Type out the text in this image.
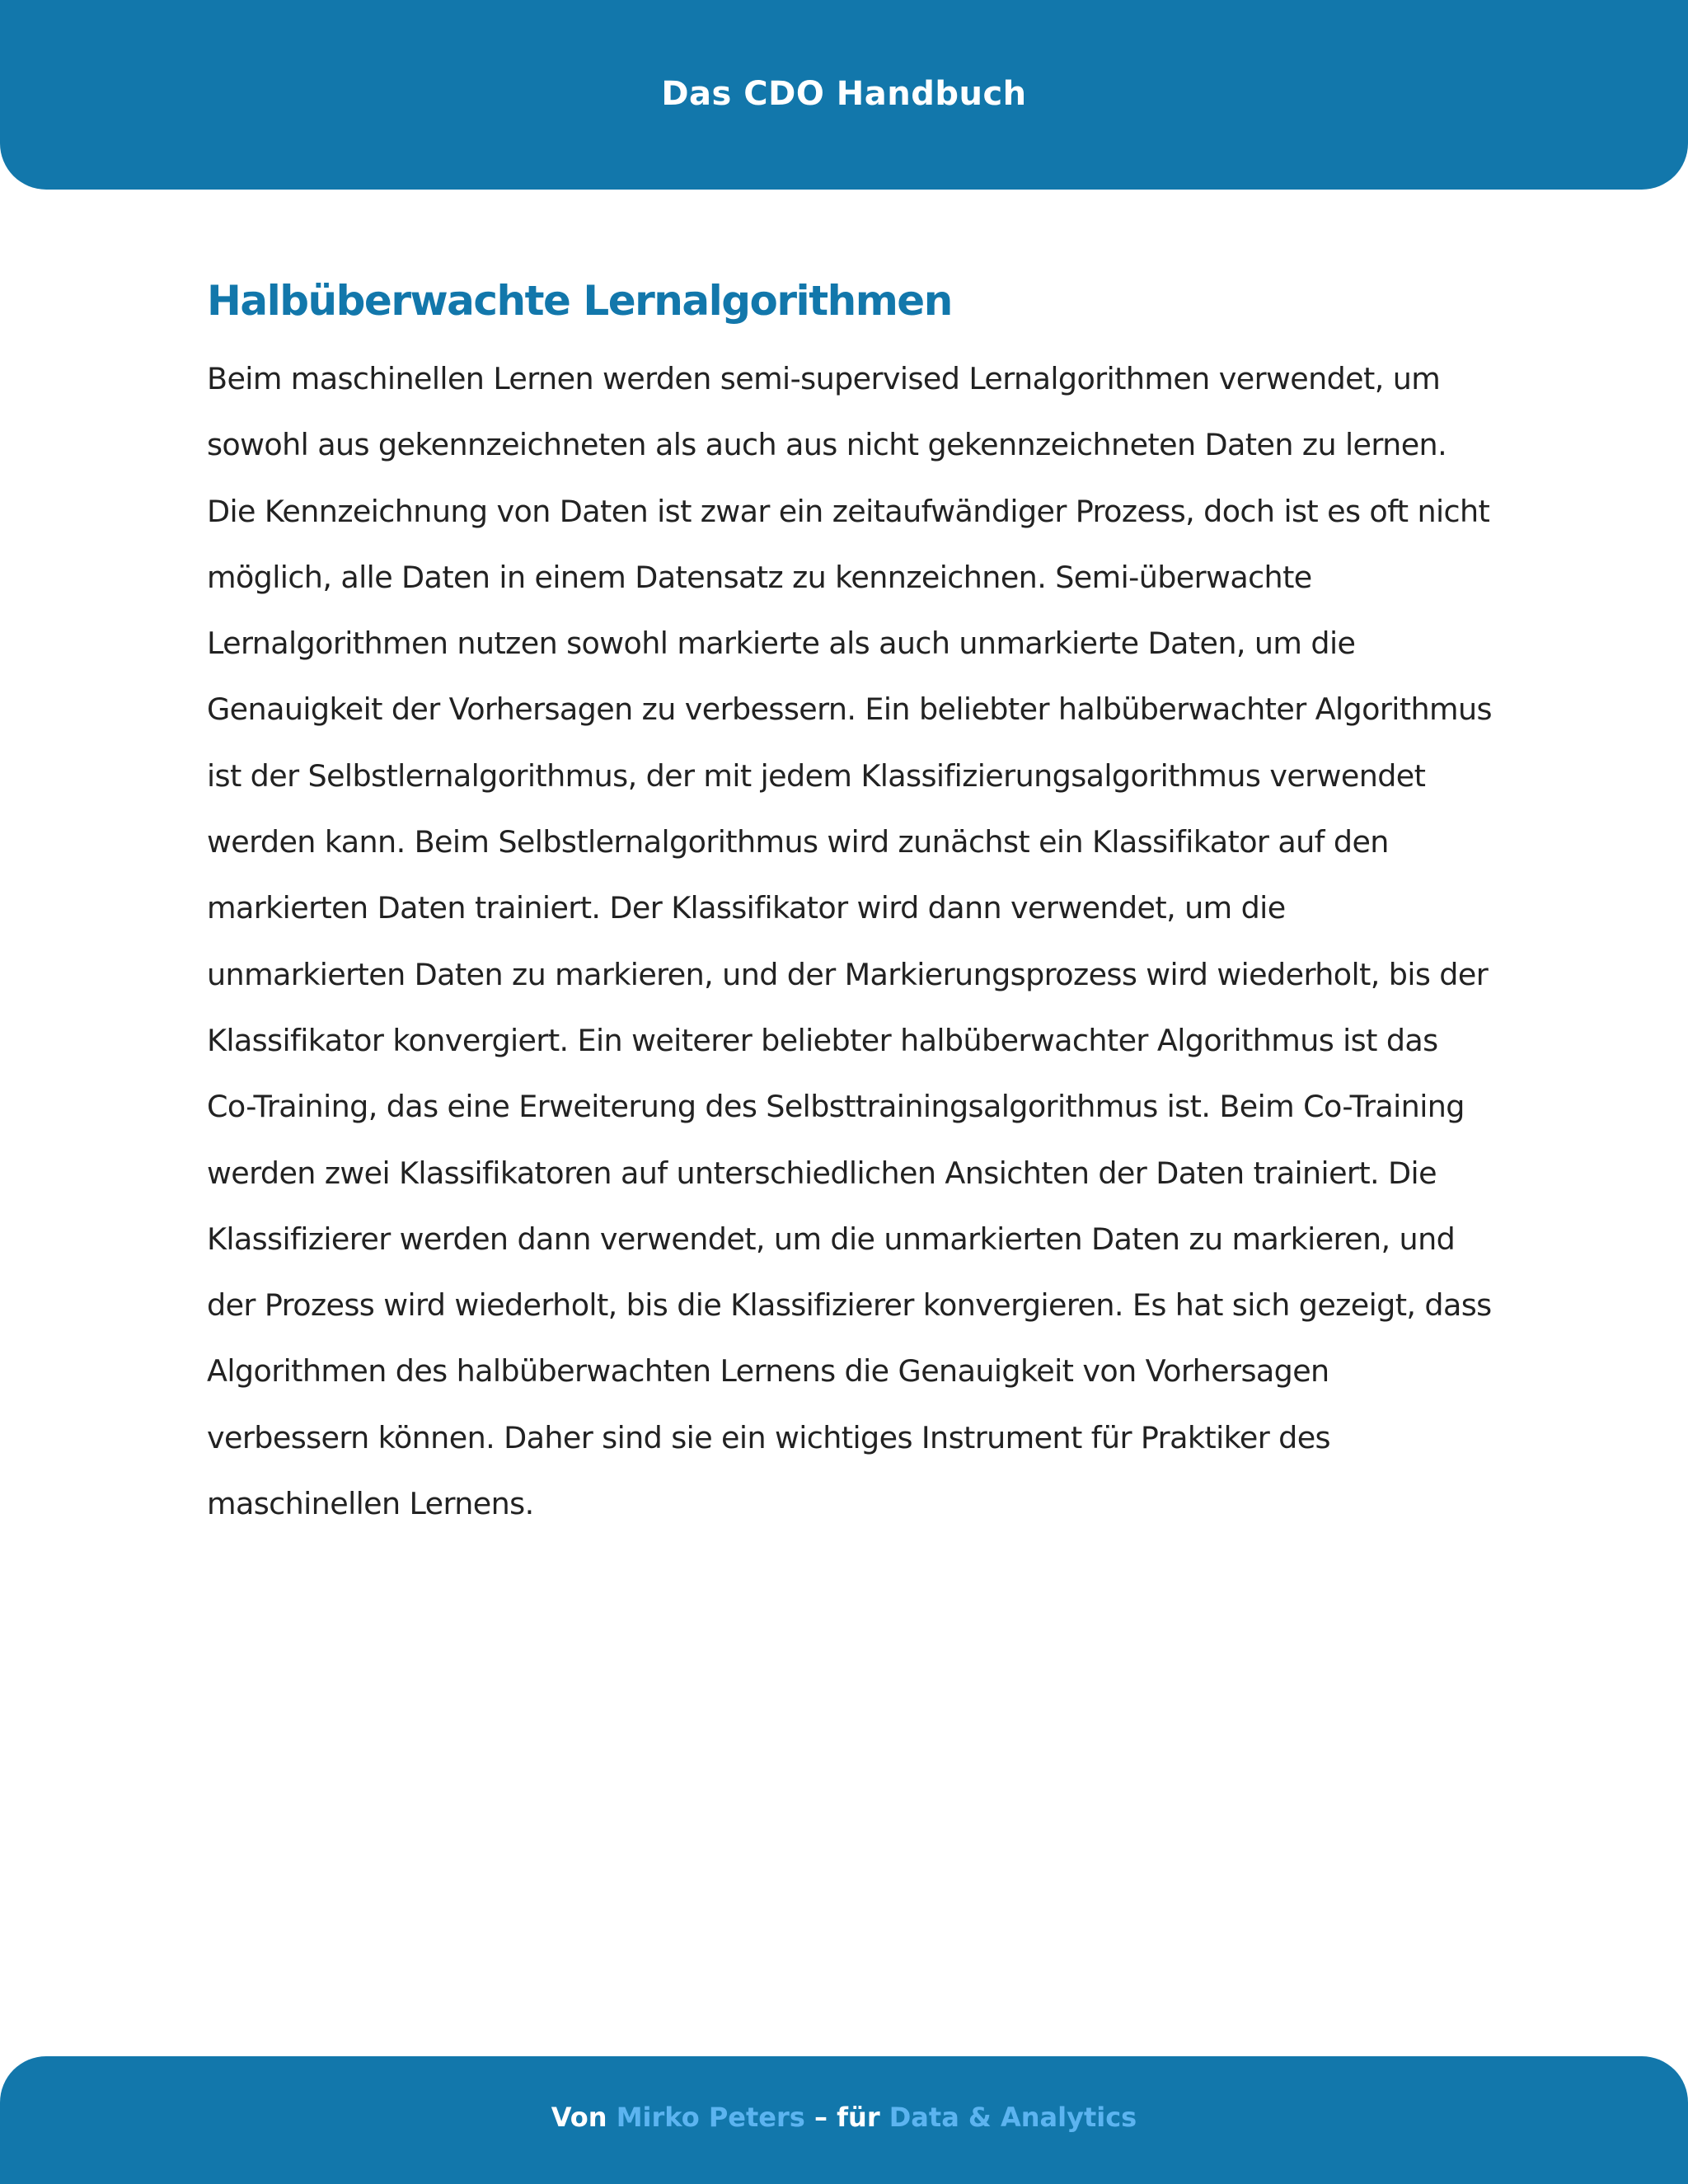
Das CDO Handbuch
Halbüberwachte Lernalgorithmen

Beim maschinellen Lernen werden semi-supervised Lernalgorithmen verwendet, um sowohl aus gekennzeichneten als auch aus nicht gekennzeichneten Daten zu lernen. Die Kennzeichnung von Daten ist zwar ein zeitaufwändiger Prozess, doch ist es oft nicht möglich, alle Daten in einem Datensatz zu kennzeichnen. Semi-überwachte Lernalgorithmen nutzen sowohl markierte als auch unmarkierte Daten, um die Genauigkeit der Vorhersagen zu verbessern. Ein beliebter halbüberwachter Algorithmus ist der Selbstlernalgorithmus, der mit jedem Klassifizierungsalgorithmus verwendet werden kann. Beim Selbstlernalgorithmus wird zunächst ein Klassifikator auf den markierten Daten trainiert. Der Klassifikator wird dann verwendet, um die unmarkierten Daten zu markieren, und der Markierungsprozess wird wiederholt, bis der Klassifikator konvergiert. Ein weiterer beliebter halbüberwachter Algorithmus ist das Co-Training, das eine Erweiterung des Selbsttrainingsalgorithmus ist. Beim Co-Training werden zwei Klassifikatoren auf unterschiedlichen Ansichten der Daten trainiert. Die Klassifizierer werden dann verwendet, um die unmarkierten Daten zu markieren, und der Prozess wird wiederholt, bis die Klassifizierer konvergieren. Es hat sich gezeigt, dass Algorithmen des halbüberwachten Lernens die Genauigkeit von Vorhersagen verbessern können. Daher sind sie ein wichtiges Instrument für Praktiker des maschinellen Lernens.

Von Mirko Peters – für Data & Analytics
